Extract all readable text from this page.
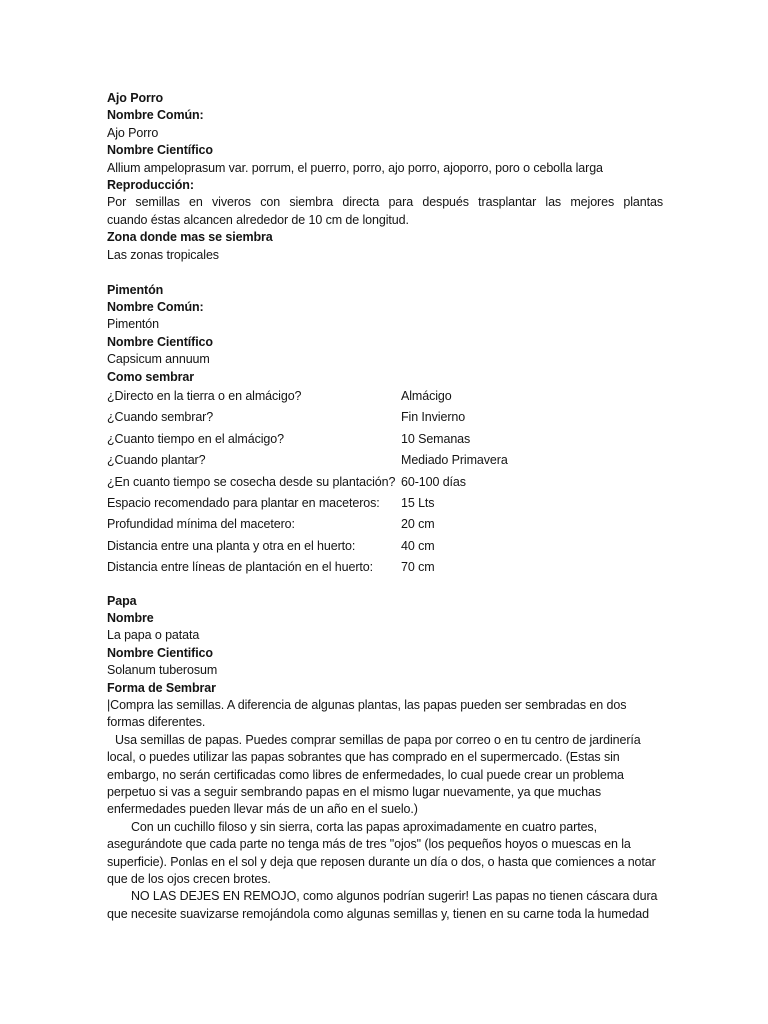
Ajo Porro
Nombre Común:
Ajo Porro
Nombre Científico
Allium ampeloprasum var. porrum, el puerro, porro, ajo porro, ajoporro, poro o cebolla larga
Reproducción:
Por semillas en viveros con siembra directa para después trasplantar las mejores plantas
cuando éstas alcancen alrededor de 10 cm de longitud.
Zona donde mas se siembra
Las zonas tropicales
Pimentón
Nombre Común:
Pimentón
Nombre Científico
Capsicum annuum
Como sembrar
¿Directo en la tierra o en almácigo?	Almácigo
¿Cuando sembrar?	Fin Invierno
¿Cuanto tiempo en el almácigo?	10 Semanas
¿Cuando plantar?	Mediado Primavera
¿En cuanto tiempo se cosecha desde su plantación?	60-100 días
Espacio recomendado para plantar en maceteros:	15 Lts
Profundidad mínima del macetero:	20 cm
Distancia entre una planta y otra en el huerto:	40 cm
Distancia entre líneas de plantación en el huerto:	70 cm
Papa
Nombre
La papa o patata
Nombre Cientifico
Solanum tuberosum
Forma de Sembrar

|Compra las semillas. A diferencia de algunas plantas, las papas pueden ser sembradas en dos formas diferentes.

Usa semillas de papas. Puedes comprar semillas de papa por correo o en tu centro de jardinería local, o puedes utilizar las papas sobrantes que has comprado en el supermercado. (Estas sin embargo, no serán certificadas como libres de enfermedades, lo cual puede crear un problema perpetuo si vas a seguir sembrando papas en el mismo lugar nuevamente, ya que muchas enfermedades pueden llevar más de un año en el suelo.)

Con un cuchillo filoso y sin sierra, corta las papas aproximadamente en cuatro partes, asegurándote que cada parte no tenga más de tres "ojos" (los pequeños hoyos o muescas en la superficie). Ponlas en el sol y deja que reposen durante un día o dos, o hasta que comiences a notar que de los ojos crecen brotes.

NO LAS DEJES EN REMOJO, como algunos podrían sugerir! Las papas no tienen cáscara dura que necesite suavizarse remojándola como algunas semillas y, tienen en su carne toda la humedad
